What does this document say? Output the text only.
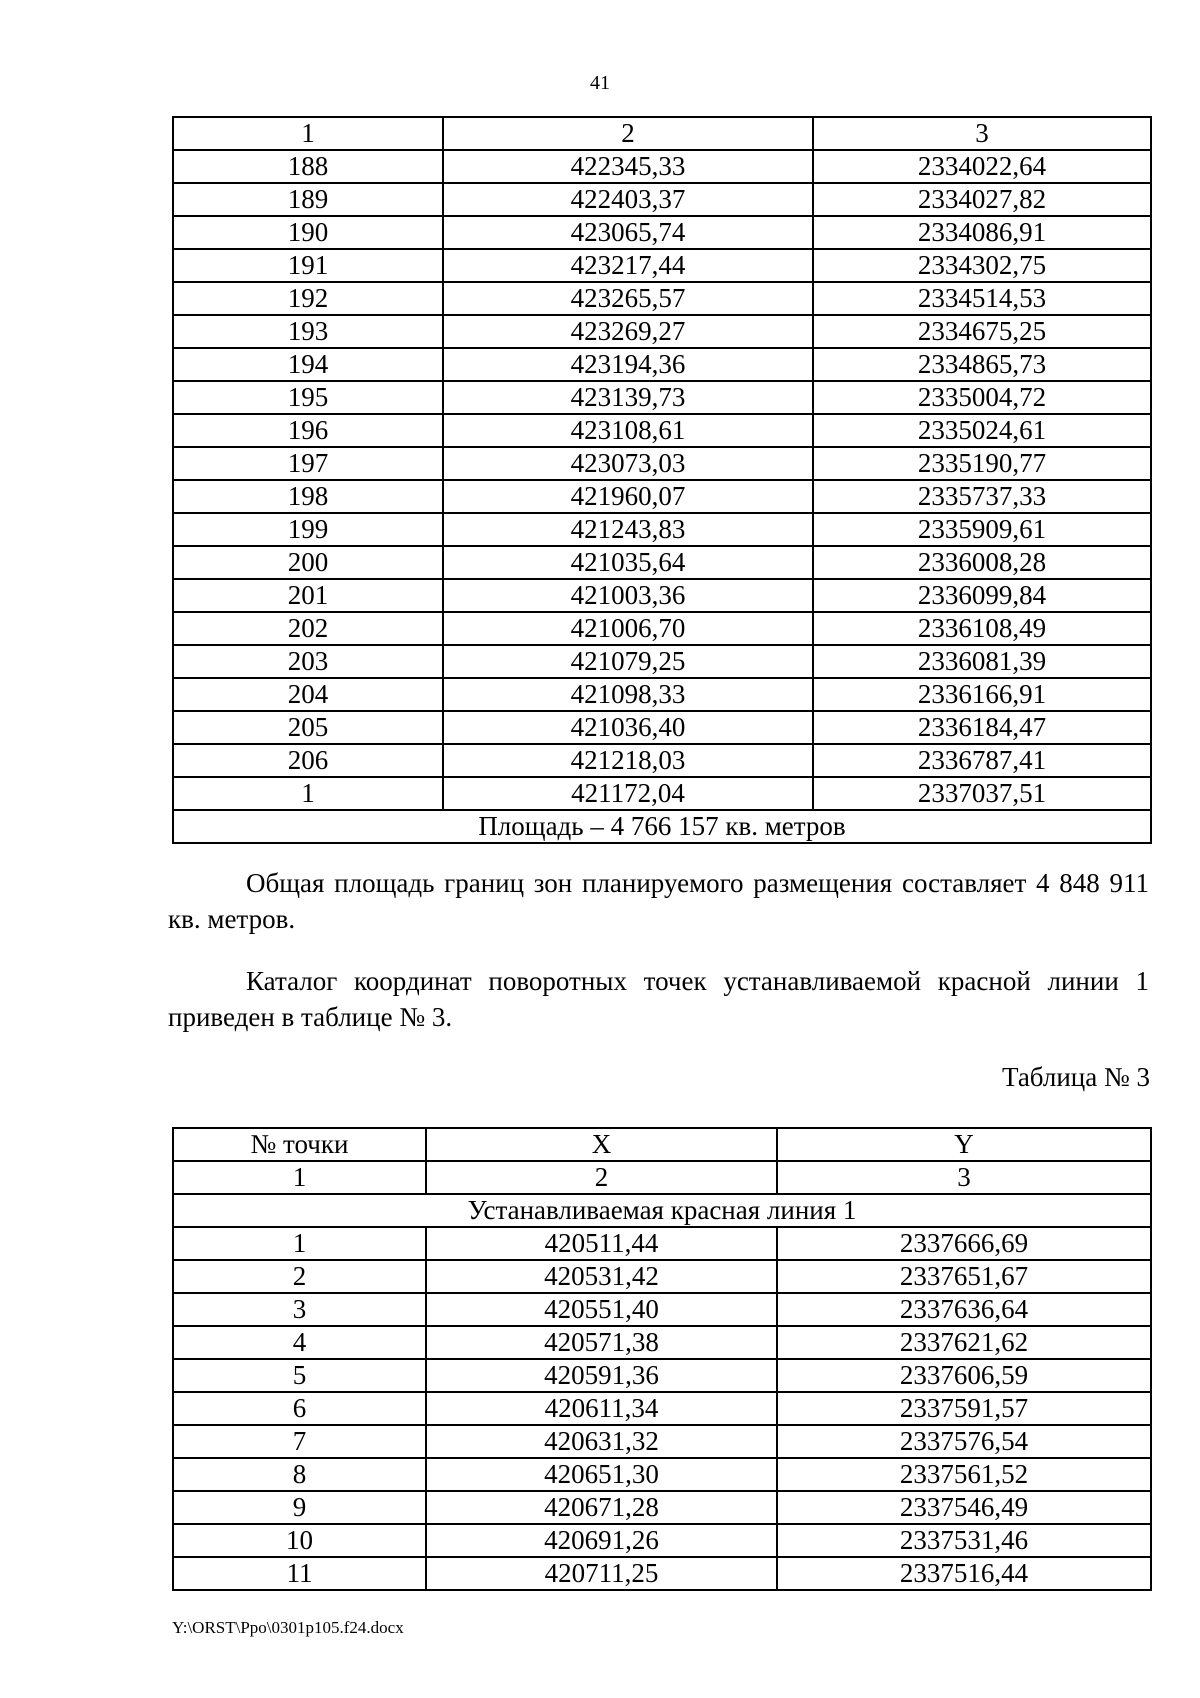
41
1	2	3
188	422345,33	2334022,64
189	422403,37	2334027,82
190	423065,74	2334086,91
191	423217,44	2334302,75
192	423265,57	2334514,53
193	423269,27	2334675,25
194	423194,36	2334865,73
195	423139,73	2335004,72
196	423108,61	2335024,61
197	423073,03	2335190,77
198	421960,07	2335737,33
199	421243,83	2335909,61
200	421035,64	2336008,28
201	421003,36	2336099,84
202	421006,70	2336108,49
203	421079,25	2336081,39
204	421098,33	2336166,91
205	421036,40	2336184,47
206	421218,03	2336787,41
1	421172,04	2337037,51
Площадь – 4 766 157 кв. метров		
Общая площадь границ зон планируемого размещения составляет 4 848 911 кв. метров.
Каталог координат поворотных точек устанавливаемой красной линии 1 приведен в таблице № 3.
Таблица № 3
№ точки	X	Y
1	2	3
Устанавливаемая красная линия 1		
1	420511,44	2337666,69
2	420531,42	2337651,67
3	420551,40	2337636,64
4	420571,38	2337621,62
5	420591,36	2337606,59
6	420611,34	2337591,57
7	420631,32	2337576,54
8	420651,30	2337561,52
9	420671,28	2337546,49
10	420691,26	2337531,46
11	420711,25	2337516,44
Y:\ORST\Ppo\0301p105.f24.docx
